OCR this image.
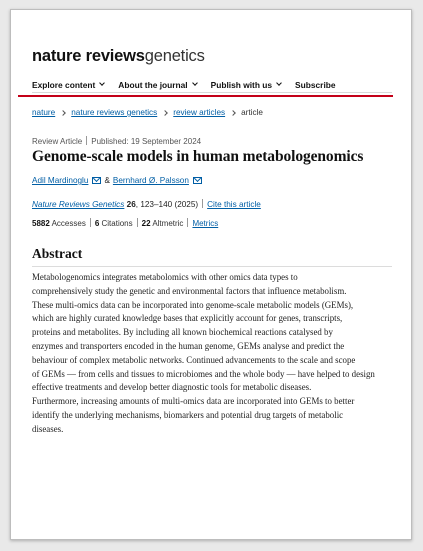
nature reviewsgenetics
Explore content	About the journal	Publish with us	Subscribe
nature nature reviews genetics review articles article
Review Article Published: 19 September 2024
Genome-scale models in human metabologenomics
Adil Mardinoglu & Bernhard Ø. Palsson
Nature Reviews Genetics 26, 123–140 (2025) Cite this article
5882 Accesses 6 Citations 22 Altmetric Metrics
Abstract
Metabologenomics integrates metabolomics with other omics data types to
comprehensively study the genetic and environmental factors that influence metabolism.
These multi-omics data can be incorporated into genome-scale metabolic models (GEMs),
which are highly curated knowledge bases that explicitly account for genes, transcripts,
proteins and metabolites. By including all known biochemical reactions catalysed by
enzymes and transporters encoded in the human genome, GEMs analyse and predict the
behaviour of complex metabolic networks. Continued advancements to the scale and scope
of GEMs — from cells and tissues to microbiomes and the whole body — have helped to design
effective treatments and develop better diagnostic tools for metabolic diseases.
Furthermore, increasing amounts of multi-omics data are incorporated into GEMs to better
identify the underlying mechanisms, biomarkers and potential drug targets of metabolic
diseases.
